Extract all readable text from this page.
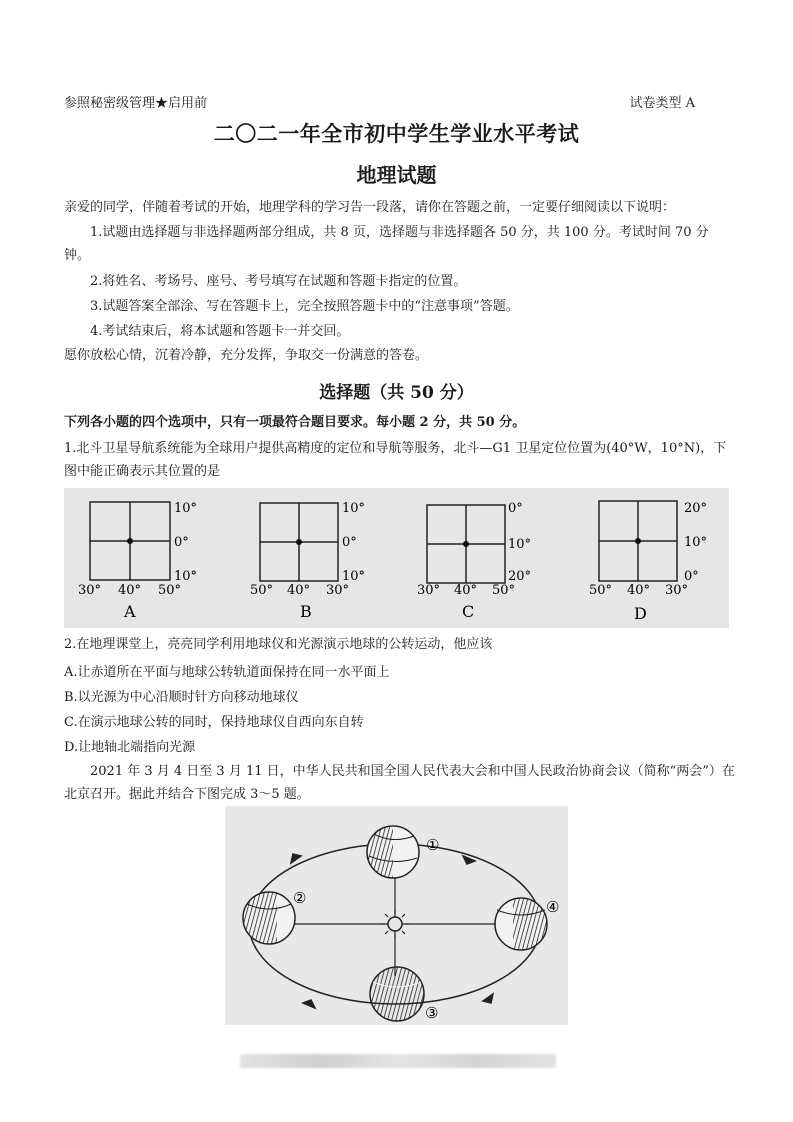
参照秘密级管理★启用前	试卷类型 A
二〇二一年全市初中学生学业水平考试
地理试题
亲爱的同学，伴随着考试的开始，地理学科的学习告一段落，请你在答题之前，一定要仔细阅读以下说明：
1.试题由选择题与非选择题两部分组成，共 8 页，选择题与非选择题各 50 分，共 100 分。考试时间 70 分钟。
2.将姓名、考场号、座号、考号填写在试题和答题卡指定的位置。
3.试题答案全部涂、写在答题卡上，完全按照答题卡中的“注意事项”答题。
4.考试结束后，将本试题和答题卡一并交回。
愿你放松心情，沉着冷静，充分发挥，争取交一份满意的答卷。
选择题（共 50 分）
下列各小题的四个选项中，只有一项最符合题目要求。每小题 2 分，共 50 分。
1.北斗卫星导航系统能为全球用户提供高精度的定位和导航等服务，北斗—G1 卫星定位位置为(40°W，10°N)，下图中能正确表示其位置的是
10°
0°
10°
30° 40° 50°
A
10°
0°
10°
50° 40° 30°
B
0°
10°
20°
30° 40° 50°
C
20°
10°
0°
50° 40° 30°
D
2.在地理课堂上，亮亮同学利用地球仪和光源演示地球的公转运动，他应该
A.让赤道所在平面与地球公转轨道面保持在同一水平面上
B.以光源为中心沿顺时针方向移动地球仪
C.在演示地球公转的同时，保持地球仪自西向东自转
D.让地轴北端指向光源
2021 年 3 月 4 日至 3 月 11 日，中华人民共和国全国人民代表大会和中国人民政治协商会议（简称“两会”）在北京召开。据此并结合下图完成 3～5 题。
①
②
③
④
